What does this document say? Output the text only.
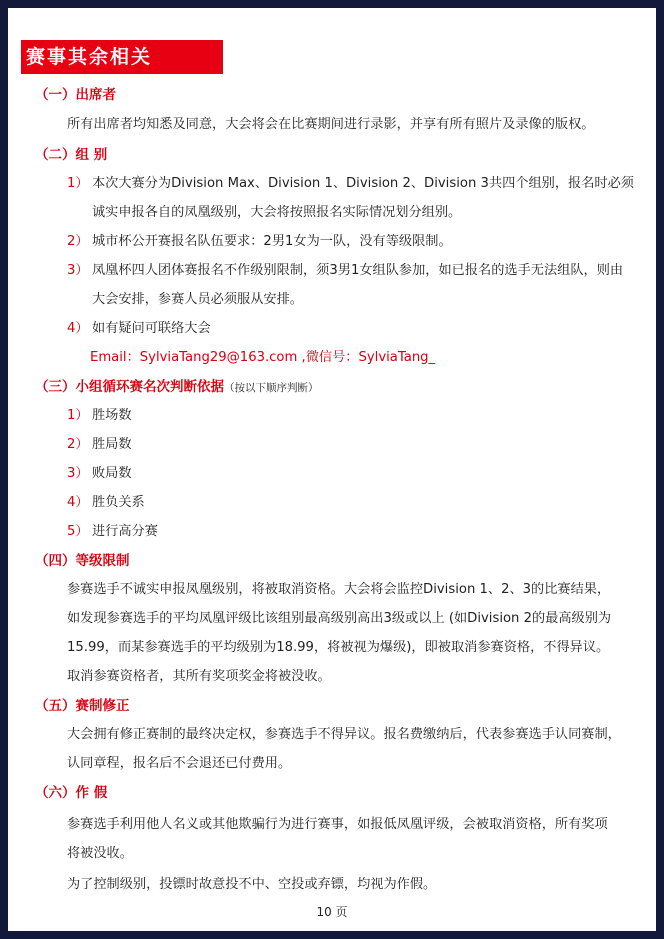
赛事其余相关
（一）出席者
所有出席者均知悉及同意，大会将会在比赛期间进行录影，并享有所有照片及录像的版权。
（二）组 别
1） 本次大赛分为Division Max、Division 1、Division 2、Division 3共四个组别，报名时必须
诚实申报各自的凤凰级别，大会将按照报名实际情况划分组别。
2） 城市杯公开赛报名队伍要求：2男1女为一队，没有等级限制。
3） 凤凰杯四人团体赛报名不作级别限制，须3男1女组队参加，如已报名的选手无法组队，则由
大会安排，参赛人员必须服从安排。
4） 如有疑问可联络大会
Email：SylviaTang29@163.com ,微信号：SylviaTang_
（三）小组循环赛名次判断依据（按以下顺序判断）
1） 胜场数
2） 胜局数
3） 败局数
4） 胜负关系
5） 进行高分赛
（四）等级限制
参赛选手不诚实申报凤凰级别，将被取消资格。大会将会监控Division 1、2、3的比赛结果，
如发现参赛选手的平均凤凰评级比该组别最高级别高出3级或以上 (如Division 2的最高级别为
15.99，而某参赛选手的平均级别为18.99，将被视为爆级)，即被取消参赛资格，不得异议。
取消参赛资格者，其所有奖项奖金将被没收。
（五）赛制修正
大会拥有修正赛制的最终决定权，参赛选手不得异议。报名费缴纳后，代表参赛选手认同赛制，
认同章程，报名后不会退还已付费用。
（六）作 假
参赛选手利用他人名义或其他欺骗行为进行赛事，如报低凤凰评级，会被取消资格，所有奖项
将被没收。
为了控制级别，投镖时故意投不中、空投或弃镖，均视为作假。
10 页
